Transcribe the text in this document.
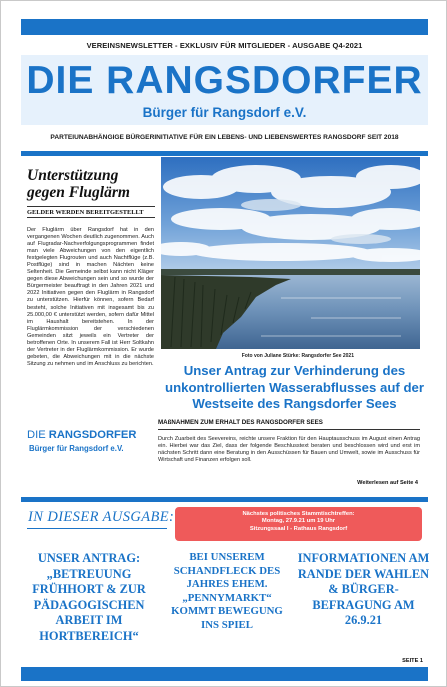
VEREINSNEWSLETTER - EXKLUSIV FÜR MITGLIEDER - AUSGABE Q4-2021
DIE RANGSDORFER
Bürger für Rangsdorf e.V.
PARTEIUNABHÄNGIGE BÜRGERINITIATIVE FÜR EIN LEBENS- UND LIEBENSWERTES RANGSDORF SEIT 2018
Unterstützung gegen Fluglärm
GELDER WERDEN BEREITGESTELLT
Der Fluglärm über Rangsdorf hat in den vergangenen Wochen deutlich zugenommen. Auch auf Flugradar-Nachverfolgungsprogrammen findet man viele Abweichungen von den eigentlich festgelegten Flugrouten und auch Nachtflüge (z.B. Postflüge) sind in machen Nächten keine Seltenheit. Die Gemeinde selbst kann nicht Kläger gegen diese Abweichungen sein und so wurde der Bürgermeister beauftragt in den Jahren 2021 und 2022 Initiativen gegen den Fluglärm in Rangsdorf zu unterstützen. Hierfür können, sofern Bedarf besteht, solche Initiativen mit insgesamt bis zu 25.000,00 € unterstützt werden, sofern dafür Mittel im Haushalt bereitstehen. In der Fluglärmkommission der verschiedenen Gemeinden sitzt jeweils ein Vertreter der betroffenen Orte. In unserem Fall ist Herr Soltkahn der Vertreter in der Fluglärmkommission. Er wurde gebeten, die Abweichungen mit in die nächste Sitzung zu nehmen und im Anschluss zu berichten.
Foto von Juliane Stürke: Rangsdorfer See 2021
Unser Antrag zur Verhinderung des unkontrollierten Wasserabflusses auf der Westseite des Rangsdorfer Sees
MAßNAHMEN ZUM ERHALT DES RANGSDORFER SEES
Durch Zuarbeit des Seevereins, reichte unsere Fraktion für den Hauptausschuss im August einen Antrag ein. Hierbei war das Ziel, dass der folgende Beschlusstext beraten und beschlossen wird und erst im nächsten Schritt dann eine Beratung in den Ausschüssen für Bauen und Umwelt, sowie im Ausschuss für Wirtschaft und Finanzen erfolgen soll.
Weiterlesen auf Seite 4
DIE RANGSDORFER
Bürger für Rangsdorf e.V.
IN DIESER AUSGABE:	Nächstes politisches Stammtischtreffen:
Montag, 27.9.21 um 19 Uhr
Sitzungssaal I - Rathaus Rangsdorf
UNSER ANTRAG: „BETREUUNG FRÜHHORT & ZUR PÄDAGOGISCHEN ARBEIT IM HORTBEREICH“
BEI UNSEREM SCHANDFLECK DES JAHRES EHEM. „PENNYMARKT“ KOMMT BEWEGUNG INS SPIEL
INFORMATIONEN AM RANDE DER WAHLEN & BÜRGER-BEFRAGUNG AM 26.9.21
SEITE 1
